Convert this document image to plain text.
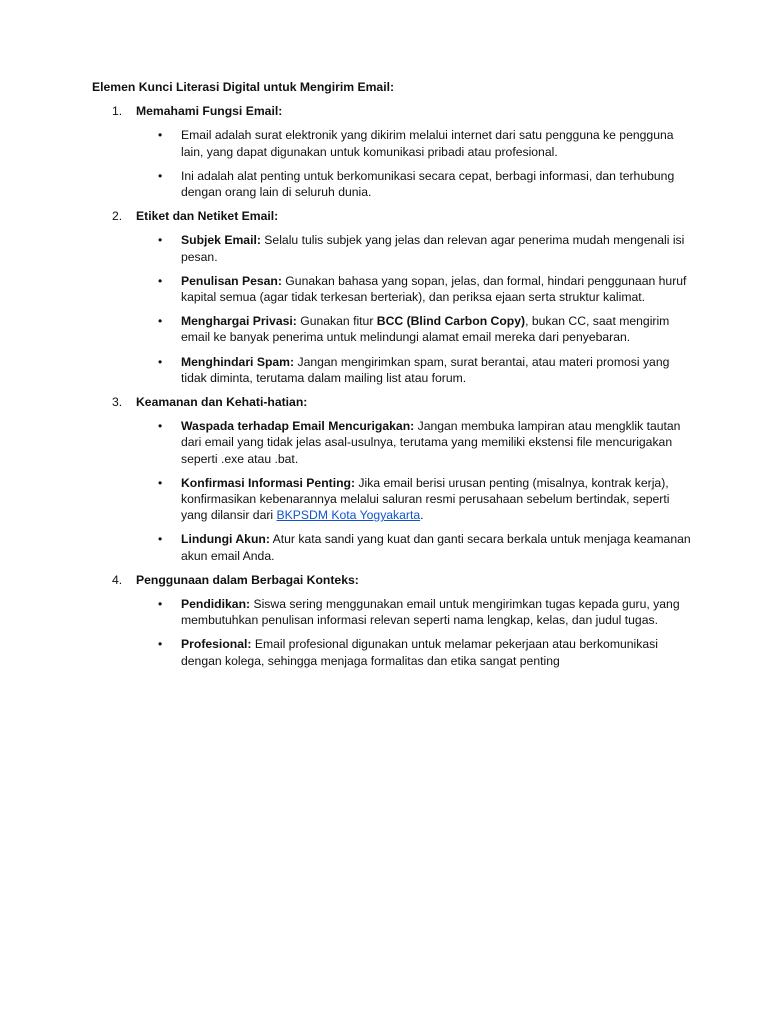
Elemen Kunci Literasi Digital untuk Mengirim Email:
1. Memahami Fungsi Email:
• Email adalah surat elektronik yang dikirim melalui internet dari satu pengguna ke pengguna lain, yang dapat digunakan untuk komunikasi pribadi atau profesional.
• Ini adalah alat penting untuk berkomunikasi secara cepat, berbagi informasi, dan terhubung dengan orang lain di seluruh dunia.
2. Etiket dan Netiket Email:
• Subjek Email: Selalu tulis subjek yang jelas dan relevan agar penerima mudah mengenali isi pesan.
• Penulisan Pesan: Gunakan bahasa yang sopan, jelas, dan formal, hindari penggunaan huruf kapital semua (agar tidak terkesan berteriak), dan periksa ejaan serta struktur kalimat.
• Menghargai Privasi: Gunakan fitur BCC (Blind Carbon Copy), bukan CC, saat mengirim email ke banyak penerima untuk melindungi alamat email mereka dari penyebaran.
• Menghindari Spam: Jangan mengirimkan spam, surat berantai, atau materi promosi yang tidak diminta, terutama dalam mailing list atau forum.
3. Keamanan dan Kehati-hatian:
• Waspada terhadap Email Mencurigakan: Jangan membuka lampiran atau mengklik tautan dari email yang tidak jelas asal-usulnya, terutama yang memiliki ekstensi file mencurigakan seperti .exe atau .bat.
• Konfirmasi Informasi Penting: Jika email berisi urusan penting (misalnya, kontrak kerja), konfirmasikan kebenarannya melalui saluran resmi perusahaan sebelum bertindak, seperti yang dilansir dari BKPSDM Kota Yogyakarta.
• Lindungi Akun: Atur kata sandi yang kuat dan ganti secara berkala untuk menjaga keamanan akun email Anda.
4. Penggunaan dalam Berbagai Konteks:
• Pendidikan: Siswa sering menggunakan email untuk mengirimkan tugas kepada guru, yang membutuhkan penulisan informasi relevan seperti nama lengkap, kelas, dan judul tugas.
• Profesional: Email profesional digunakan untuk melamar pekerjaan atau berkomunikasi dengan kolega, sehingga menjaga formalitas dan etika sangat penting
